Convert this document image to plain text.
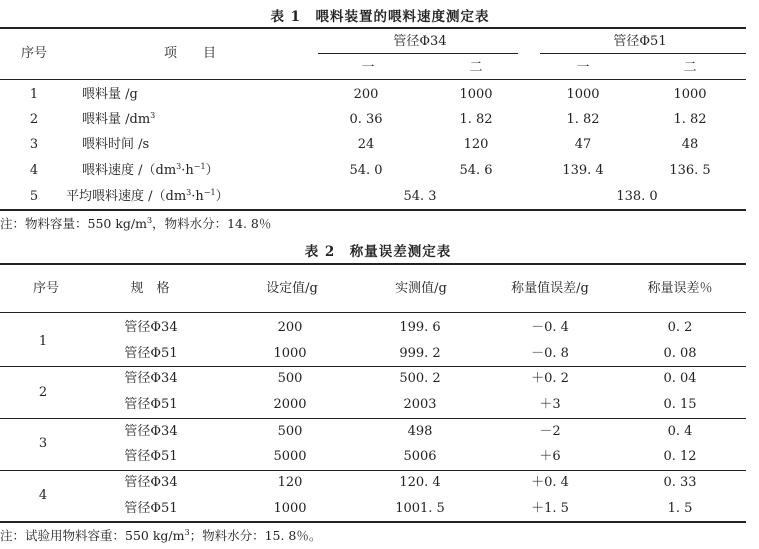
表 1　喂料装置的喂料速度测定表
序号	项　　目
管径Φ34	管径Φ51
一	二	一	二
1	喂料量 /g	200	1000	1000	1000
2	喂料量 $/dm^3$	0. 36	1. 82	1. 82	1. 82
3	喂料时间 /s	24	120	47	48
4	喂料速度 $/(dm^3\cdot h^{-1})$	54. 0	54. 6	139. 4	136. 5
5 平均喂料速度 $/(dm^3\cdot h^{-1})$	54. 3	138. 0
注：物料容量：550 $kg/m^3$，物料水分：14. 8％
表 2　称量误差测定表
序号	规　格	设定值/g	实测值/g	称量值误差/g	称量误差％
1
管径Φ34	200	199. 6	－0. 4	0. 2
管径Φ51	1000	999. 2	－0. 8	0. 08
2
管径Φ34	500	500. 2	＋0. 2	0. 04
管径Φ51	2000	2003	＋3	0. 15
3
管径Φ34	500	498	－2	0. 4
管径Φ51	5000	5006	＋6	0. 12
4
管径Φ34	120	120. 4	＋0. 4	0. 33
管径Φ51	1000	1001. 5	＋1. 5	1. 5
注：试验用物料容重：550 $kg/m^3$；物料水分：15. 8％。
